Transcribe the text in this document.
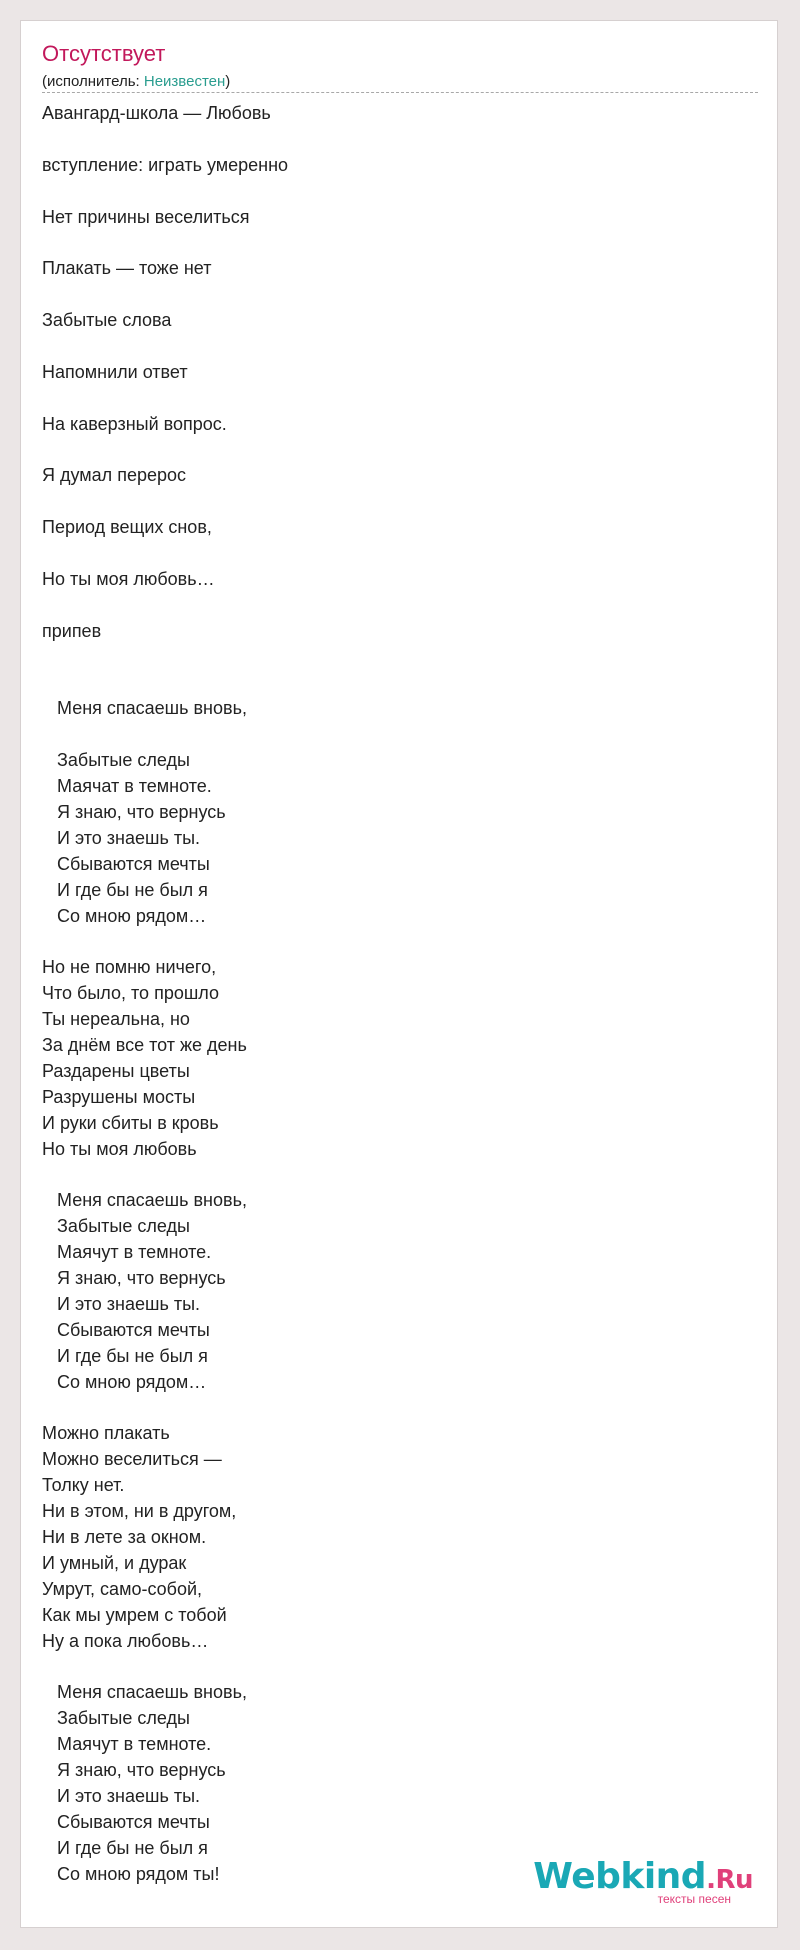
Отсутствует
(исполнитель: Неизвестен)
Авангард-школа — Любовь
вступление: играть умеренно
Нет причины веселиться
Плакать — тоже нет
Забытые слова
Напомнили ответ
На каверзный вопрос.
Я думал перерос
Период вещих снов,
Но ты моя любовь…
припев
Меня спасаешь вновь,
Забытые следы
Маячат в темноте.
Я знаю, что вернусь
И это знаешь ты.
Сбываются мечты
И где бы не был я
Со мною рядом…
Но не помню ничего,
Что было, то прошло
Ты нереальна, но
За днём все тот же день
Раздарены цветы
Разрушены мосты
И руки сбиты в кровь
Но ты моя любовь
Меня спасаешь вновь,
Забытые следы
Маячут в темноте.
Я знаю, что вернусь
И это знаешь ты.
Сбываются мечты
И где бы не был я
Со мною рядом…
Можно плакать
Можно веселиться —
Толку нет.
Ни в этом, ни в другом,
Ни в лете за окном.
И умный, и дурак
Умрут, само-собой,
Как мы умрем с тобой
Ну а пока любовь…
Меня спасаешь вновь,
Забытые следы
Маячут в темноте.
Я знаю, что вернусь
И это знаешь ты.
Сбываются мечты
И где бы не был я
Со мною рядом ты!	Webkind.Ru
тексты песен
